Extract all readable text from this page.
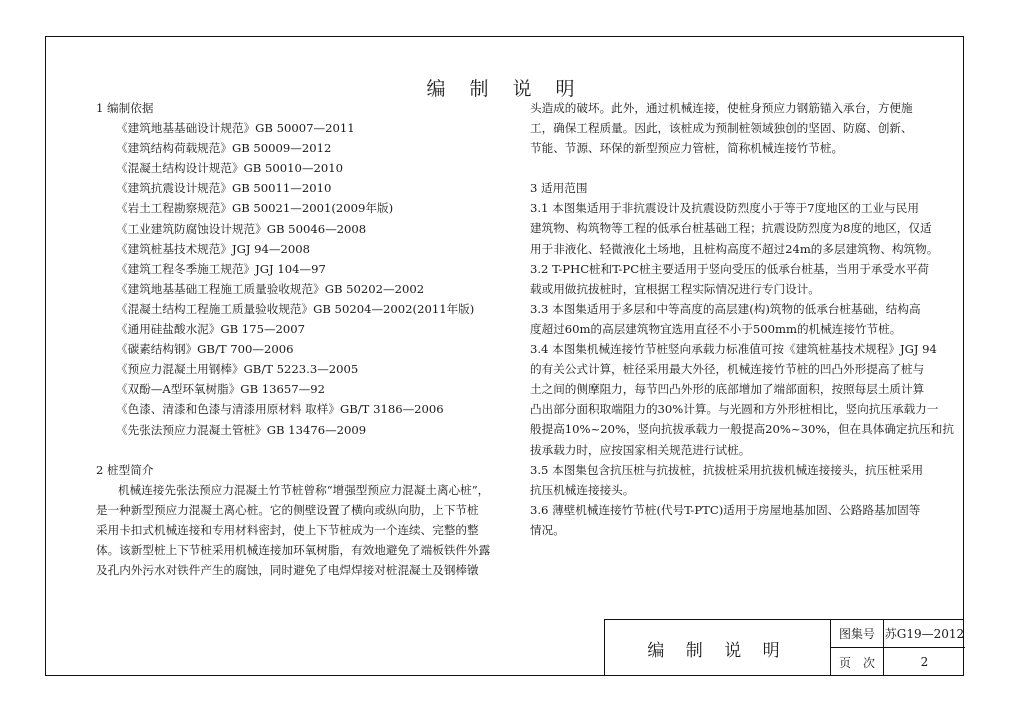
编 制 说 明

1 编制依据

《建筑地基基础设计规范》GB 50007—2011

《建筑结构荷载规范》GB 50009—2012

《混凝土结构设计规范》GB 50010—2010

《建筑抗震设计规范》GB 50011—2010

《岩土工程勘察规范》GB 50021—2001(2009年版)

《工业建筑防腐蚀设计规范》GB 50046—2008

《建筑桩基技术规范》JGJ 94—2008

《建筑工程冬季施工规范》JGJ 104—97

《建筑地基基础工程施工质量验收规范》GB 50202—2002

《混凝土结构工程施工质量验收规范》GB 50204—2002(2011年版)

《通用硅盐酸水泥》GB 175—2007

《碳素结构钢》GB/T 700—2006

《预应力混凝土用钢棒》GB/T 5223.3—2005

《双酚—A型环氧树脂》GB 13657—92

《色漆、清漆和色漆与清漆用原材料 取样》GB/T 3186—2006

《先张法预应力混凝土管桩》GB 13476—2009

2 桩型简介

机械连接先张法预应力混凝土竹节桩曾称“增强型预应力混凝土离心桩”，

是一种新型预应力混凝土离心桩。它的侧壁设置了横向或纵向肋，上下节桩

采用卡扣式机械连接和专用材料密封，使上下节桩成为一个连续、完整的整

体。该新型桩上下节桩采用机械连接加环氧树脂，有效地避免了端板铁件外露

及孔内外污水对铁件产生的腐蚀，同时避免了电焊焊接对桩混凝土及钢棒镦

头造成的破坏。此外，通过机械连接，使桩身预应力钢筋锚入承台，方便施

工，确保工程质量。因此，该桩成为预制桩领域独创的坚固、防腐、创新、

节能、节源、环保的新型预应力管桩，简称机械连接竹节桩。

3 适用范围

3.1 本图集适用于非抗震设计及抗震设防烈度小于等于7度地区的工业与民用

建筑物、构筑物等工程的低承台桩基础工程；抗震设防烈度为8度的地区，仅适

用于非液化、轻微液化土场地，且桩构高度不超过24m的多层建筑物、构筑物。

3.2 T-PHC桩和T-PC桩主要适用于竖向受压的低承台桩基，当用于承受水平荷

载或用做抗拔桩时，宜根据工程实际情况进行专门设计。

3.3 本图集适用于多层和中等高度的高层建(构)筑物的低承台桩基础，结构高

度超过60m的高层建筑物宜选用直径不小于500mm的机械连接竹节桩。

3.4 本图集机械连接竹节桩竖向承载力标准值可按《建筑桩基技术规程》JGJ 94

的有关公式计算，桩径采用最大外径，机械连接竹节桩的凹凸外形提高了桩与

土之间的侧摩阻力，每节凹凸外形的底部增加了端部面积，按照每层土质计算

凸出部分面积取端阻力的30%计算。与光圆和方外形桩相比，竖向抗压承载力一

般提高10%~20%，竖向抗拔承载力一般提高20%~30%，但在具体确定抗压和抗

拔承载力时，应按国家相关规范进行试桩。

3.5 本图集包含抗压桩与抗拔桩，抗拔桩采用抗拔机械连接接头，抗压桩采用

抗压机械连接接头。

3.6 薄壁机械连接竹节桩(代号T-PTC)适用于房屋地基加固、公路路基加固等

情况。

编 制 说 明
图集号 苏G19—2012
页　次	2
